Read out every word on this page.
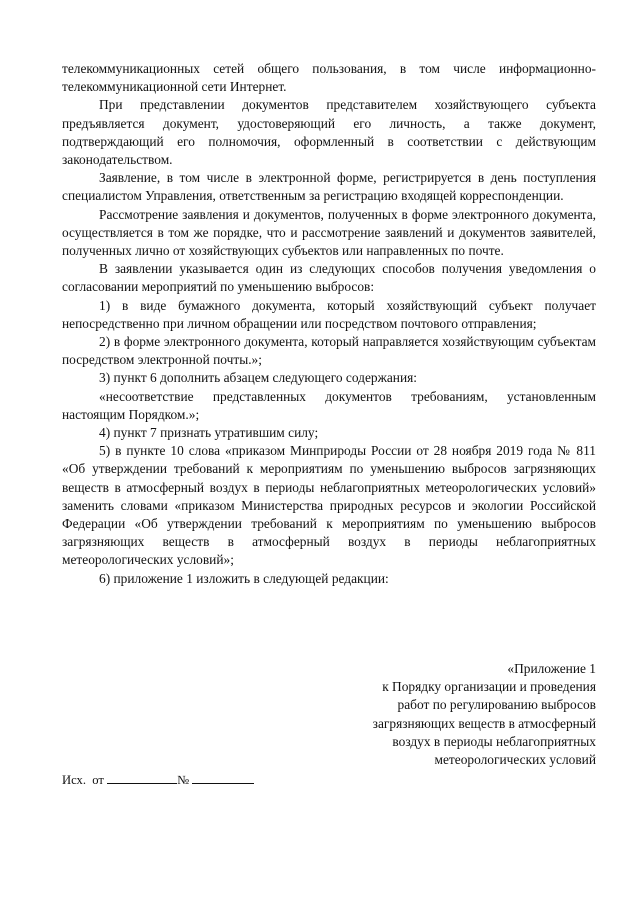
телекоммуникационных сетей общего пользования, в том числе информационно-телекоммуникационной сети Интернет.

При представлении документов представителем хозяйствующего субъекта предъявляется документ, удостоверяющий его личность, а также документ, подтверждающий его полномочия, оформленный в соответствии с действующим законодательством.

Заявление, в том числе в электронной форме, регистрируется в день поступления специалистом Управления, ответственным за регистрацию входящей корреспонденции.

Рассмотрение заявления и документов, полученных в форме электронного документа, осуществляется в том же порядке, что и рассмотрение заявлений и документов заявителей, полученных лично от хозяйствующих субъектов или направленных по почте.

В заявлении указывается один из следующих способов получения уведомления о согласовании мероприятий по уменьшению выбросов:

1) в виде бумажного документа, который хозяйствующий субъект получает непосредственно при личном обращении или посредством почтового отправления;

2) в форме электронного документа, который направляется хозяйствующим субъектам посредством электронной почты.»;

3) пункт 6 дополнить абзацем следующего содержания:

«несоответствие представленных документов требованиям, установленным настоящим Порядком.»;

4) пункт 7 признать утратившим силу;

5) в пункте 10 слова «приказом Минприроды России от 28 ноября 2019 года № 811 «Об утверждении требований к мероприятиям по уменьшению выбросов загрязняющих веществ в атмосферный воздух в периоды неблагоприятных метеорологических условий» заменить словами «приказом Министерства природных ресурсов и экологии Российской Федерации «Об утверждении требований к мероприятиям по уменьшению выбросов загрязняющих веществ в атмосферный воздух в периоды неблагоприятных метеорологических условий»;

6) приложение 1 изложить в следующей редакции:

«Приложение 1
к Порядку организации и проведения
работ по регулированию выбросов
загрязняющих веществ в атмосферный
воздух в периоды неблагоприятных
метеорологических условий

Исх. от	№
